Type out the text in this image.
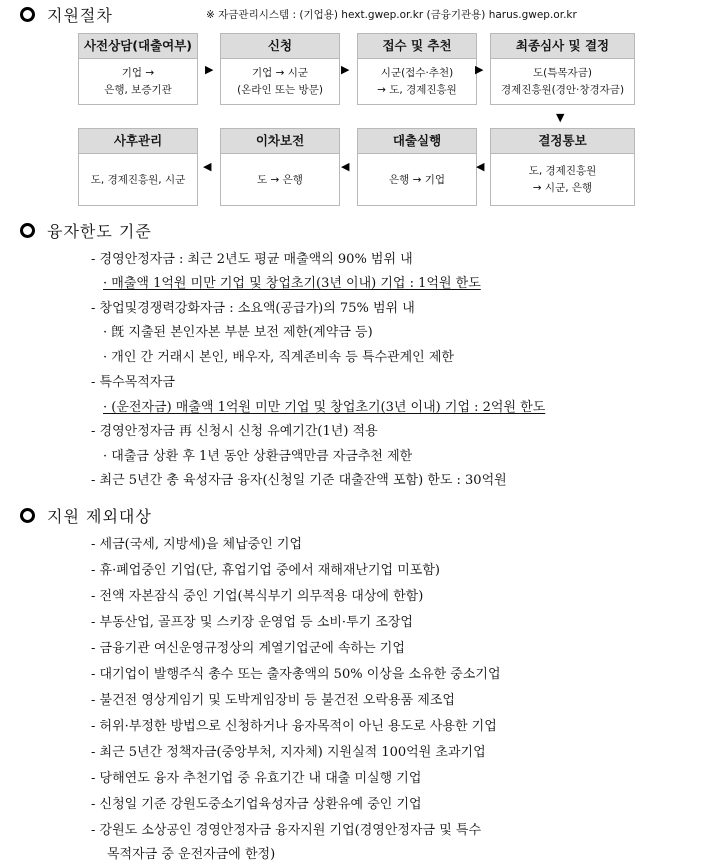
지원절차	※ 자금관리시스템 : (기업용) hext.gwep.or.kr (금융기관용) harus.gwep.or.kr
사전상담(대출여부)
기업 →
은행, 보증기관
▶
신청
기업 → 시군
(온라인 또는 방문)
▶
접수 및 추천
시군(접수·추천)
→ 도, 경제진흥원
▶
최종심사 및 결정
도(특목자금)
경제진흥원(경안·창경자금)
▼
사후관리
도, 경제진흥원, 시군
◀
이차보전
도 → 은행
◀
대출실행
은행 → 기업
◀
결정통보
도, 경제진흥원
→ 시군, 은행
융자한도 기준
- 경영안정자금 : 최근 2년도 평균 매출액의 90% 범위 내
· 매출액 1억원 미만 기업 및 창업초기(3년 이내) 기업 : 1억원 한도
- 창업및경쟁력강화자금 : 소요액(공급가)의 75% 범위 내
· 旣 지출된 본인자본 부분 보전 제한(계약금 등)
· 개인 간 거래시 본인, 배우자, 직계존비속 등 특수관계인 제한
- 특수목적자금
· (운전자금) 매출액 1억원 미만 기업 및 창업초기(3년 이내) 기업 : 2억원 한도
- 경영안정자금 再 신청시 신청 유예기간(1년) 적용
· 대출금 상환 후 1년 동안 상환금액만큼 자금추천 제한
- 최근 5년간 총 육성자금 융자(신청일 기준 대출잔액 포함) 한도 : 30억원
지원 제외대상
- 세금(국세, 지방세)을 체납중인 기업
- 휴·폐업중인 기업(단, 휴업기업 중에서 재해재난기업 미포함)
- 전액 자본잠식 중인 기업(복식부기 의무적용 대상에 한함)
- 부동산업, 골프장 및 스키장 운영업 등 소비·투기 조장업
- 금융기관 여신운영규정상의 계열기업군에 속하는 기업
- 대기업이 발행주식 총수 또는 출자총액의 50% 이상을 소유한 중소기업
- 불건전 영상게임기 및 도박게임장비 등 불건전 오락용품 제조업
- 허위·부정한 방법으로 신청하거나 융자목적이 아닌 용도로 사용한 기업
- 최근 5년간 정책자금(중앙부처, 지자체) 지원실적 100억원 초과기업
- 당해연도 융자 추천기업 중 유효기간 내 대출 미실행 기업
- 신청일 기준 강원도중소기업육성자금 상환유예 중인 기업
- 강원도 소상공인 경영안정자금 융자지원 기업(경영안정자금 및 특수
목적자금 중 운전자금에 한정)
